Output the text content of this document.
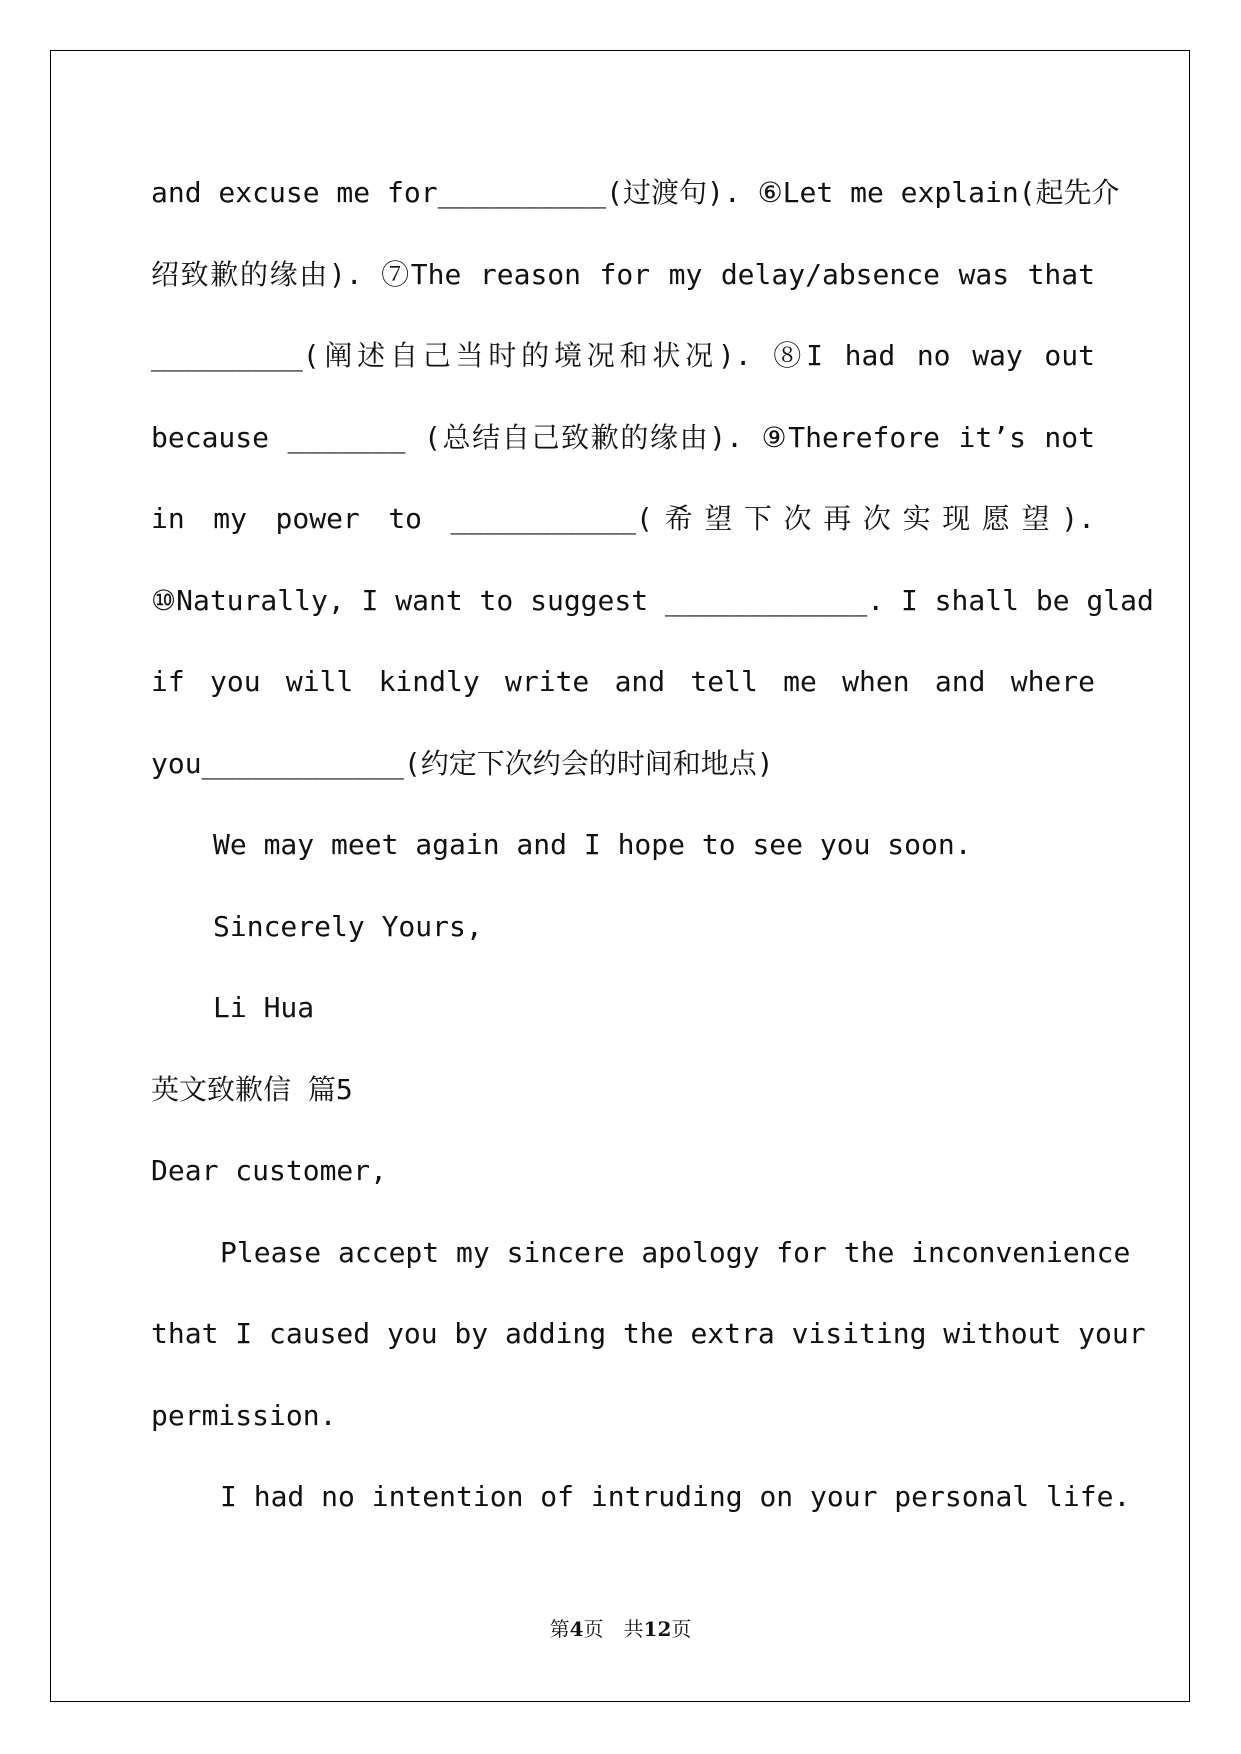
and excuse me for__________(过渡句). ⑥Let me explain(起先介
绍致歉的缘由). ⑦The reason for my delay/absence was that
_________(阐述自己当时的境况和状况). ⑧I had no way out
because _______ (总结自己致歉的缘由). ⑨Therefore it’s not
in my power to ___________(希望下次再次实现愿望).
⑩Naturally, I want to suggest ____________. I shall be glad
if you will kindly write and tell me when and where
you____________(约定下次约会的时间和地点)
We may meet again and I hope to see you soon.
Sincerely Yours,
Li Hua
英文致歉信 篇5
Dear customer,
Please accept my sincere apology for the inconvenience
that I caused you by adding the extra visiting without your
permission.
I had no intention of intruding on your personal life.
第4页　共12页
